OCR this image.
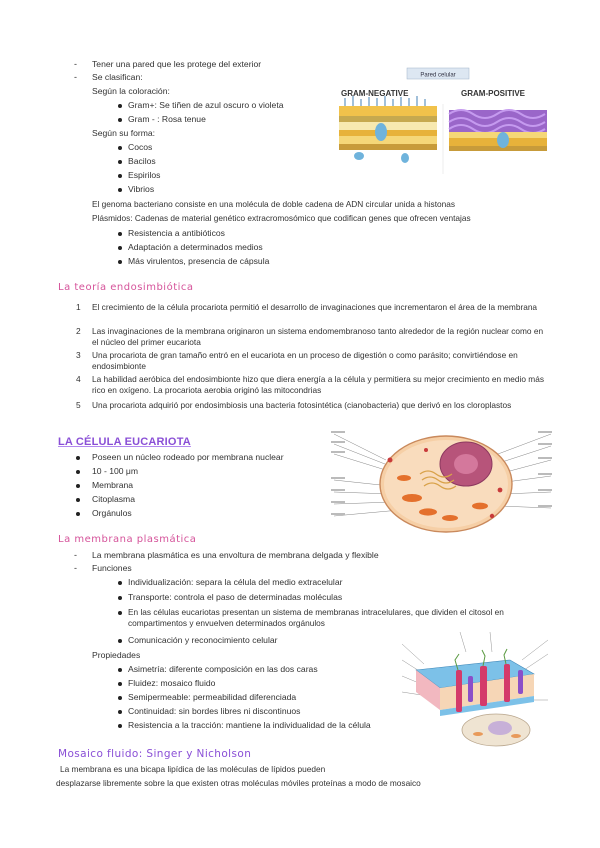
- Tener una pared que les protege del exterior
- Se clasifican:
Según la coloración:
Gram+: Se tiñen de azul oscuro o violeta
Gram - : Rosa tenue
Según su forma:
Cocos
Bacilos
Espirilos
Vibrios
El genoma bacteriano consiste en una molécula de doble cadena de ADN circular unida a histonas
Plásmidos: Cadenas de material genético extracromosómico que codifican genes que ofrecen ventajas
Resistencia a antibióticos
Adaptación a determinados medios
Más virulentos, presencia de cápsula
Pared celular
GRAM-NEGATIVE	GRAM-POSITIVE
La teoría endosimbiótica
1 El crecimiento de la célula procariota permitió el desarrollo de invaginaciones que incrementaron el área de la membrana
2 Las invaginaciones de la membrana originaron un sistema endomembranoso tanto alrededor de la región nuclear como en el núcleo del primer eucariota
3 Una procariota de gran tamaño entró en el eucariota en un proceso de digestión o como parásito; convirtiéndose en endosimbionte
4 La habilidad aeróbica del endosimbionte hizo que diera energía a la célula y permitiera su mejor crecimiento en medio más rico en oxígeno. La procariota aerobia originó las mitocondrias
5 Una procariota adquirió por endosimbiosis una bacteria fotosintética (cianobacteria) que derivó en los cloroplastos
LA CÉLULA EUCARIOTA
Poseen un núcleo rodeado por membrana nuclear
10 - 100 μm
Membrana
Citoplasma
Orgánulos
La membrana plasmática
- La membrana plasmática es una envoltura de membrana delgada y flexible
- Funciones
Individualización: separa la célula del medio extracelular
Transporte: controla el paso de determinadas moléculas
En las células eucariotas presentan un sistema de membranas intracelulares, que dividen el citosol en compartimentos y envuelven determinados orgánulos
Comunicación y reconocimiento celular
Propiedades
Asimetría: diferente composición en las dos caras
Fluidez: mosaico fluido
Semipermeable: permeabilidad diferenciada
Continuidad: sin bordes libres ni discontinuos
Resistencia a la tracción: mantiene la individualidad de la célula
Mosaico fluido: Singer y Nicholson
La membrana es una bicapa lipídica de las moléculas de lípidos pueden
desplazarse libremente sobre la que existen otras moléculas móviles proteínas a modo de mosaico
